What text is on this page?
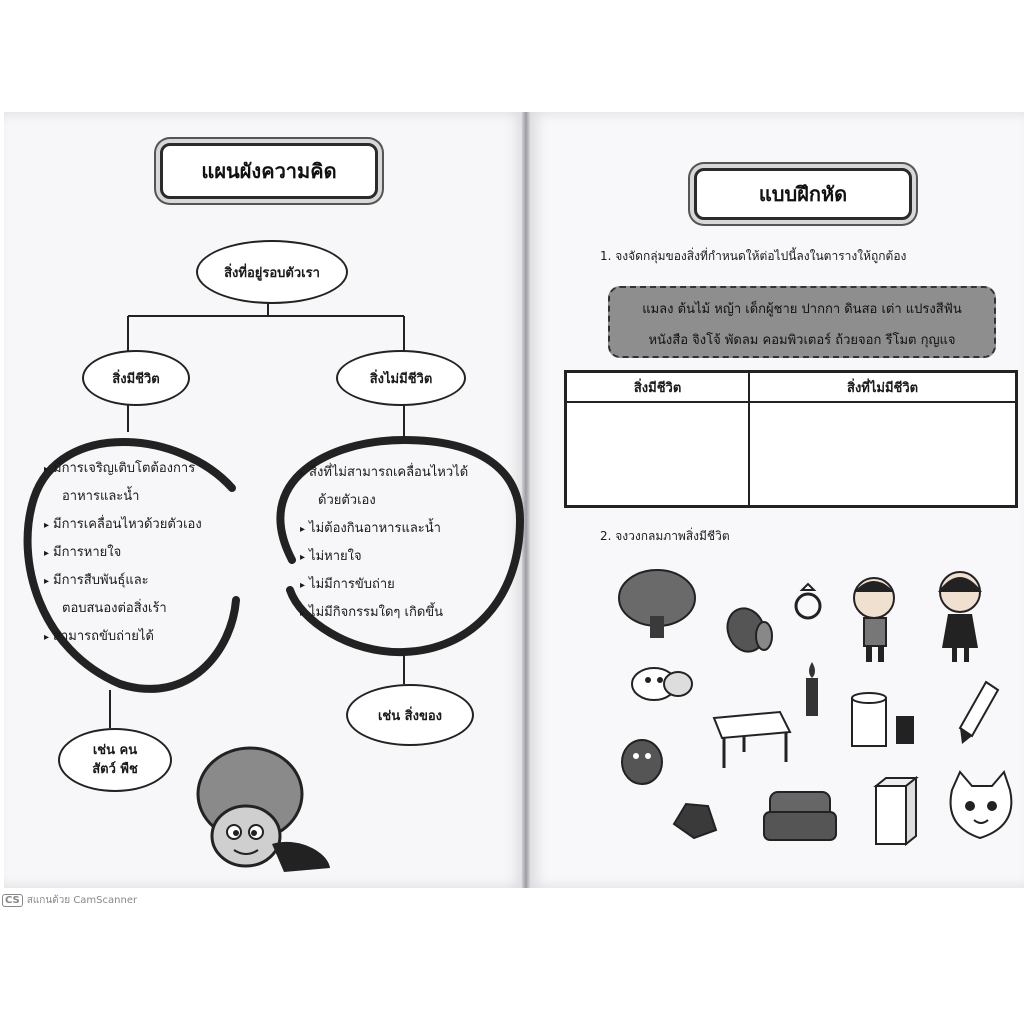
แผนผังความคิด
สิ่งที่อยู่รอบตัวเรา
สิ่งมีชีวิต	สิ่งไม่มีชีวิต
▸ มีการเจริญเติบโตต้องการ
อาหารและน้ำ
▸ มีการเคลื่อนไหวด้วยตัวเอง
▸ มีการหายใจ
▸ มีการสืบพันธุ์และ
ตอบสนองต่อสิ่งเร้า
▸ สามารถขับถ่ายได้
▸ สิ่งที่ไม่สามารถเคลื่อนไหวได้
ด้วยตัวเอง
▸ ไม่ต้องกินอาหารและน้ำ
▸ ไม่หายใจ
▸ ไม่มีการขับถ่าย
▸ ไม่มีกิจกรรมใดๆ เกิดขึ้น
เช่น คน
สัตว์ พืช
เช่น สิ่งของ
แบบฝึกหัด
1. จงจัดกลุ่มของสิ่งที่กำหนดให้ต่อไปนี้ลงในตารางให้ถูกต้อง
แมลง ต้นไม้ หญ้า เด็กผู้ชาย ปากกา ดินสอ เต่า แปรงสีฟัน
หนังสือ จิงโจ้ พัดลม คอมพิวเตอร์ ถ้วยจอก รีโมต กุญแจ
สิ่งมีชีวิต	สิ่งที่ไม่มีชีวิต

2. จงวงกลมภาพสิ่งมีชีวิต
CS สแกนด้วย CamScanner
